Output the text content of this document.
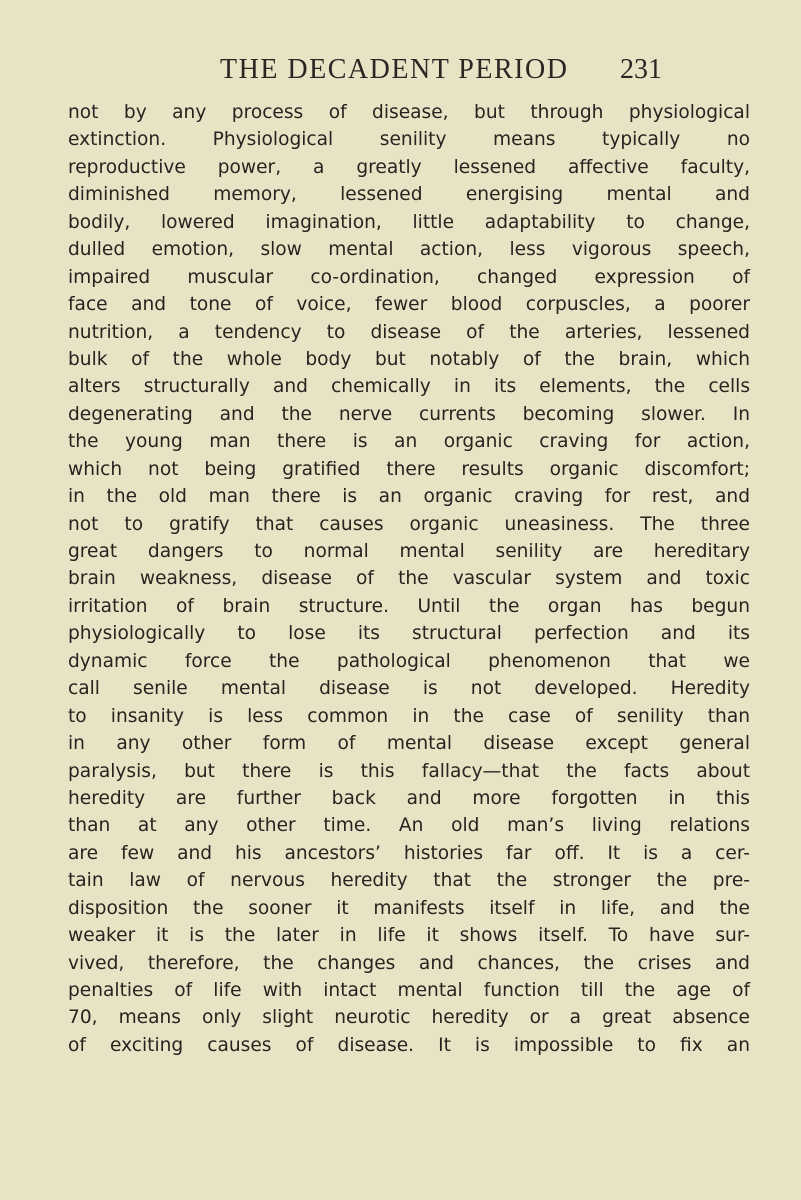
THE DECADENT PERIOD 231
not by any process of disease, but through physiological
extinction. Physiological senility means typically no
reproductive power, a greatly lessened affective faculty,
diminished memory, lessened energising mental and
bodily, lowered imagination, little adaptability to change,
dulled emotion, slow mental action, less vigorous speech,
impaired muscular co-ordination, changed expression of
face and tone of voice, fewer blood corpuscles, a poorer
nutrition, a tendency to disease of the arteries, lessened
bulk of the whole body but notably of the brain, which
alters structurally and chemically in its elements, the cells
degenerating and the nerve currents becoming slower. In
the young man there is an organic craving for action,
which not being gratified there results organic discomfort;
in the old man there is an organic craving for rest, and
not to gratify that causes organic uneasiness. The three
great dangers to normal mental senility are hereditary
brain weakness, disease of the vascular system and toxic
irritation of brain structure. Until the organ has begun
physiologically to lose its structural perfection and its
dynamic force the pathological phenomenon that we
call senile mental disease is not developed. Heredity
to insanity is less common in the case of senility than
in any other form of mental disease except general
paralysis, but there is this fallacy—that the facts about
heredity are further back and more forgotten in this
than at any other time. An old man’s living relations
are few and his ancestors’ histories far off. It is a cer-
tain law of nervous heredity that the stronger the pre-
disposition the sooner it manifests itself in life, and the
weaker it is the later in life it shows itself. To have sur-
vived, therefore, the changes and chances, the crises and
penalties of life with intact mental function till the age of
70, means only slight neurotic heredity or a great absence
of exciting causes of disease. It is impossible to fix an
